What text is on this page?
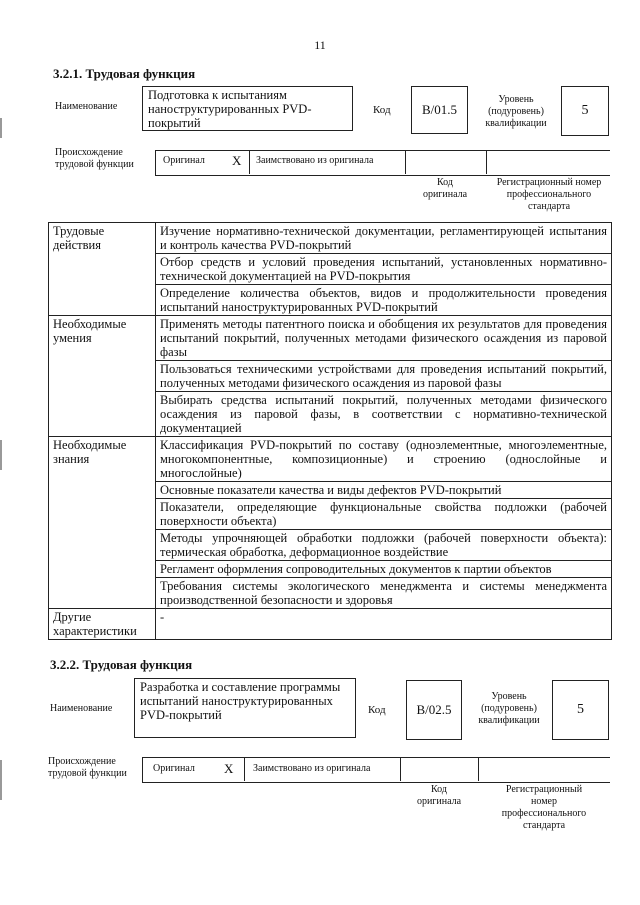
11
3.2.1. Трудовая функция
Наименование
Подготовка к испытаниям наноструктурированных PVD-покрытий
Код B/01.5
Уровень (подуровень) квалификации
5
Происхождение трудовой функции	Оригинал X Заимствовано из оригинала
Код оригинала
Регистрационный номер профессионального стандарта
Трудовые действия	Изучение нормативно-технической документации, регламентирующей испытания и контроль качества PVD-покрытий
	Отбор средств и условий проведения испытаний, установленных нормативно-технической документацией на PVD-покрытия
	Определение количества объектов, видов и продолжительности проведения испытаний наноструктурированных PVD-покрытий
Необходимые умения	Применять методы патентного поиска и обобщения их результатов для проведения испытаний покрытий, полученных методами физического осаждения из паровой фазы
	Пользоваться техническими устройствами для проведения испытаний покрытий, полученных методами физического осаждения из паровой фазы
	Выбирать средства испытаний покрытий, полученных методами физического осаждения из паровой фазы, в соответствии с нормативно-технической документацией
Необходимые знания	Классификация PVD-покрытий по составу (одноэлементные, многоэлементные, многокомпонентные, композиционные) и строению (однослойные и многослойные)
	Основные показатели качества и виды дефектов PVD-покрытий
	Показатели, определяющие функциональные свойства подложки (рабочей поверхности объекта)
	Методы упрочняющей обработки подложки (рабочей поверхности объекта): термическая обработка, деформационное воздействие
	Регламент оформления сопроводительных документов к партии объектов
	Требования системы экологического менеджмента и системы менеджмента производственной безопасности и здоровья
Другие характеристики	-
3.2.2. Трудовая функция
Наименование
Разработка и составление программы испытаний наноструктурированных PVD-покрытий	Код B/02.5
Уровень (подуровень) квалификации
5
Происхождение трудовой функции	Оригинал X Заимствовано из оригинала
Код оригинала
Регистрационный номер профессионального стандарта
